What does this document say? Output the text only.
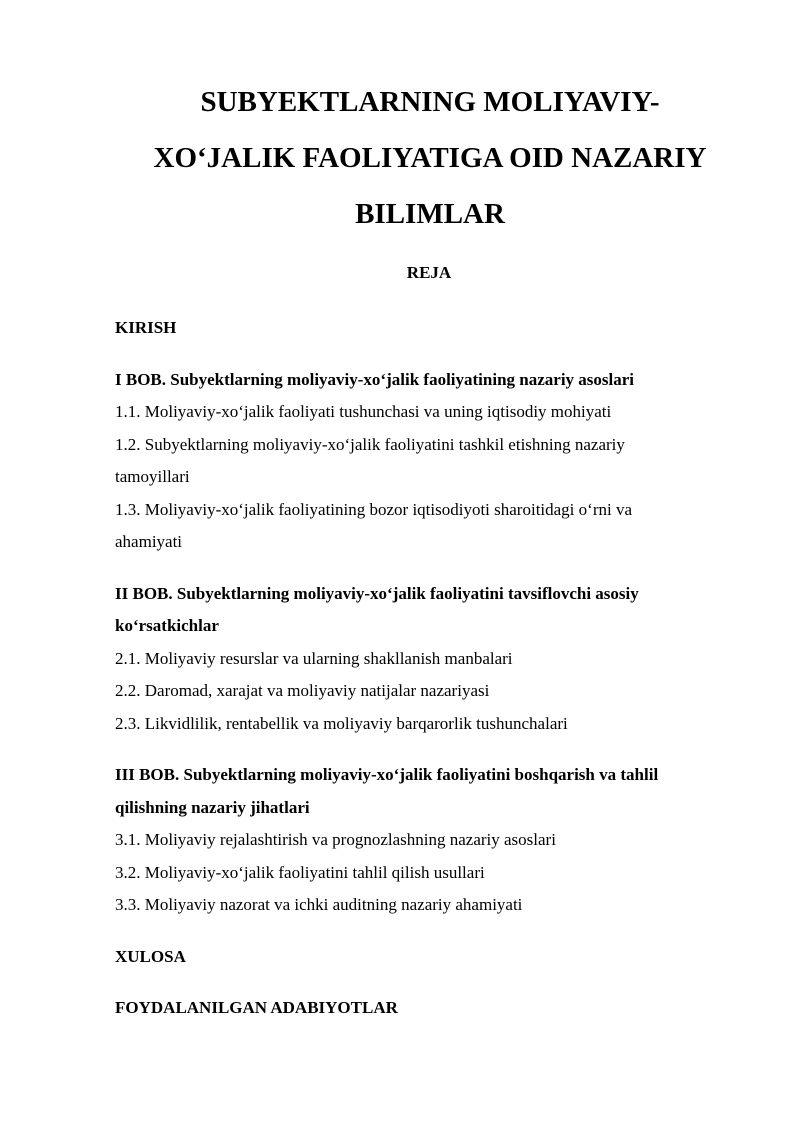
SUBYEKTLARNING MOLIYAVIY-
XO‘JALIK FAOLIYATIGA OID NAZARIY
BILIMLAR
REJA
KIRISH
I BOB. Subyektlarning moliyaviy-xo‘jalik faoliyatining nazariy asoslari
1.1. Moliyaviy-xo‘jalik faoliyati tushunchasi va uning iqtisodiy mohiyati
1.2. Subyektlarning moliyaviy-xo‘jalik faoliyatini tashkil etishning nazariy
tamoyillari
1.3. Moliyaviy-xo‘jalik faoliyatining bozor iqtisodiyoti sharoitidagi o‘rni va
ahamiyati
II BOB. Subyektlarning moliyaviy-xo‘jalik faoliyatini tavsiflovchi asosiy
ko‘rsatkichlar
2.1. Moliyaviy resurslar va ularning shakllanish manbalari
2.2. Daromad, xarajat va moliyaviy natijalar nazariyasi
2.3. Likvidlilik, rentabellik va moliyaviy barqarorlik tushunchalari
III BOB. Subyektlarning moliyaviy-xo‘jalik faoliyatini boshqarish va tahlil
qilishning nazariy jihatlari
3.1. Moliyaviy rejalashtirish va prognozlashning nazariy asoslari
3.2. Moliyaviy-xo‘jalik faoliyatini tahlil qilish usullari
3.3. Moliyaviy nazorat va ichki auditning nazariy ahamiyati
XULOSA
FOYDALANILGAN ADABIYOTLAR
